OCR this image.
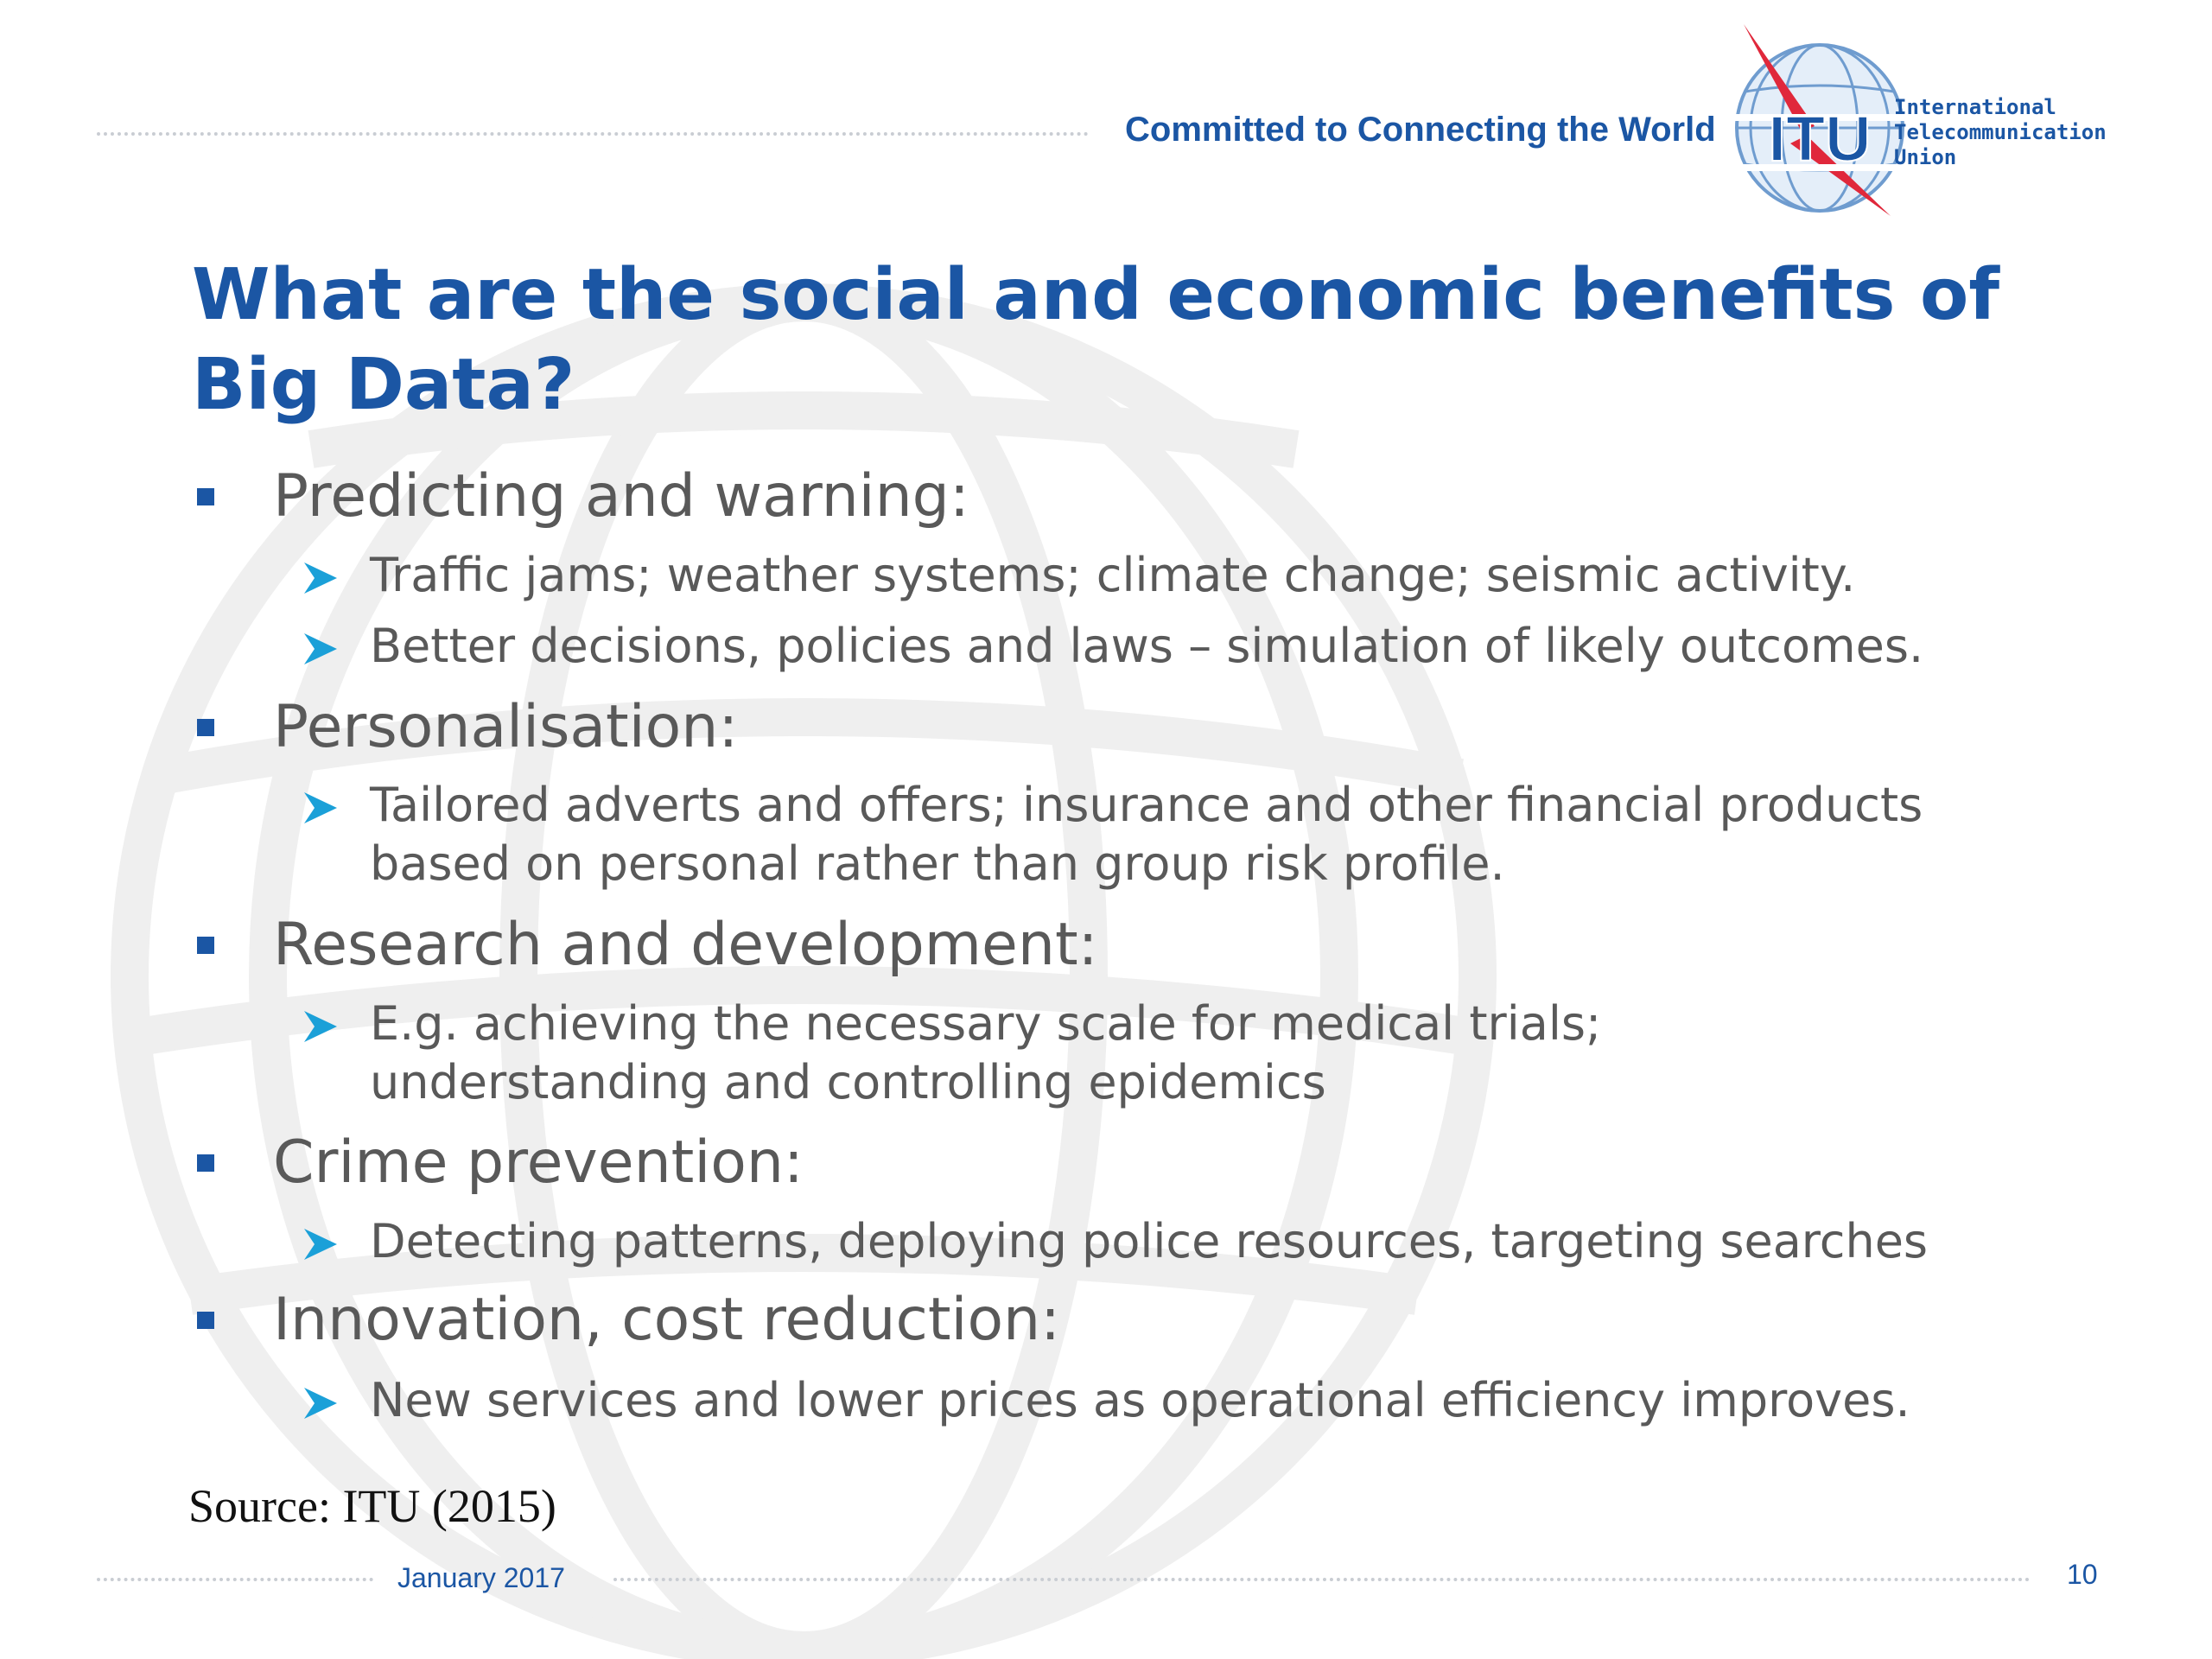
Committed to Connecting the World ITU International
Telecommunication
Union
What are the social and economic benefits of Big Data?
Predicting and warning:
Traffic jams; weather systems; climate change; seismic activity.
Better decisions, policies and laws – simulation of likely outcomes.
Personalisation:
Tailored adverts and offers; insurance and other financial products
based on personal rather than group risk profile.
Research and development:
E.g. achieving the necessary scale for medical trials;
understanding and controlling epidemics
Crime prevention:
Detecting patterns, deploying police resources, targeting searches
Innovation, cost reduction:
New services and lower prices as operational efficiency improves.
Source: ITU (2015)
January 2017	10
